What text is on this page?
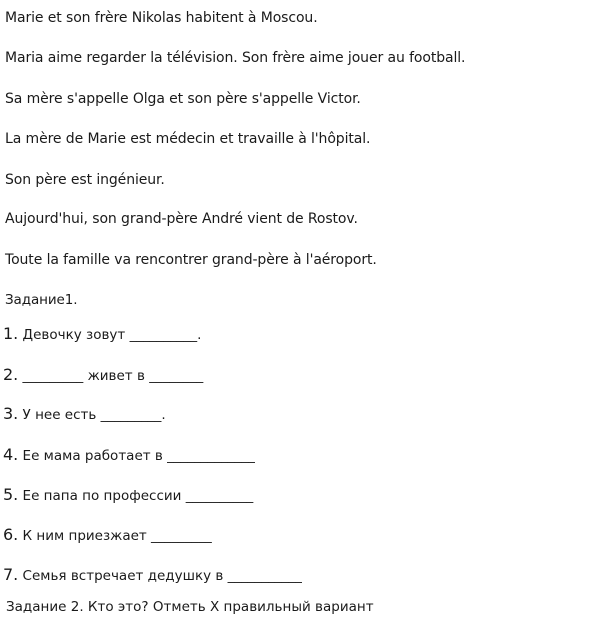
Marie et son frère Nikolas habitent à Moscou.
Maria aime regarder la télévision. Son frère aime jouer au football.
Sa mère s'appelle Olga et son père s'appelle Victor.
La mère de Marie est médecin et travaille à l'hôpital.
Son père est ingénieur.
Aujourd'hui, son grand-père André vient de Rostov.
Toute la famille va rencontrer grand-père à l'aéroport.
Задание1.
1. Девочку зовут __________.
2. _________ живет в ________
3. У нее есть _________.
4. Ее мама работает в _____________
5. Ее папа по профессии __________
6. К ним приезжает _________
7. Семья встречает дедушку в ___________
Задание 2. Кто это? Отметь Х правильный вариант
